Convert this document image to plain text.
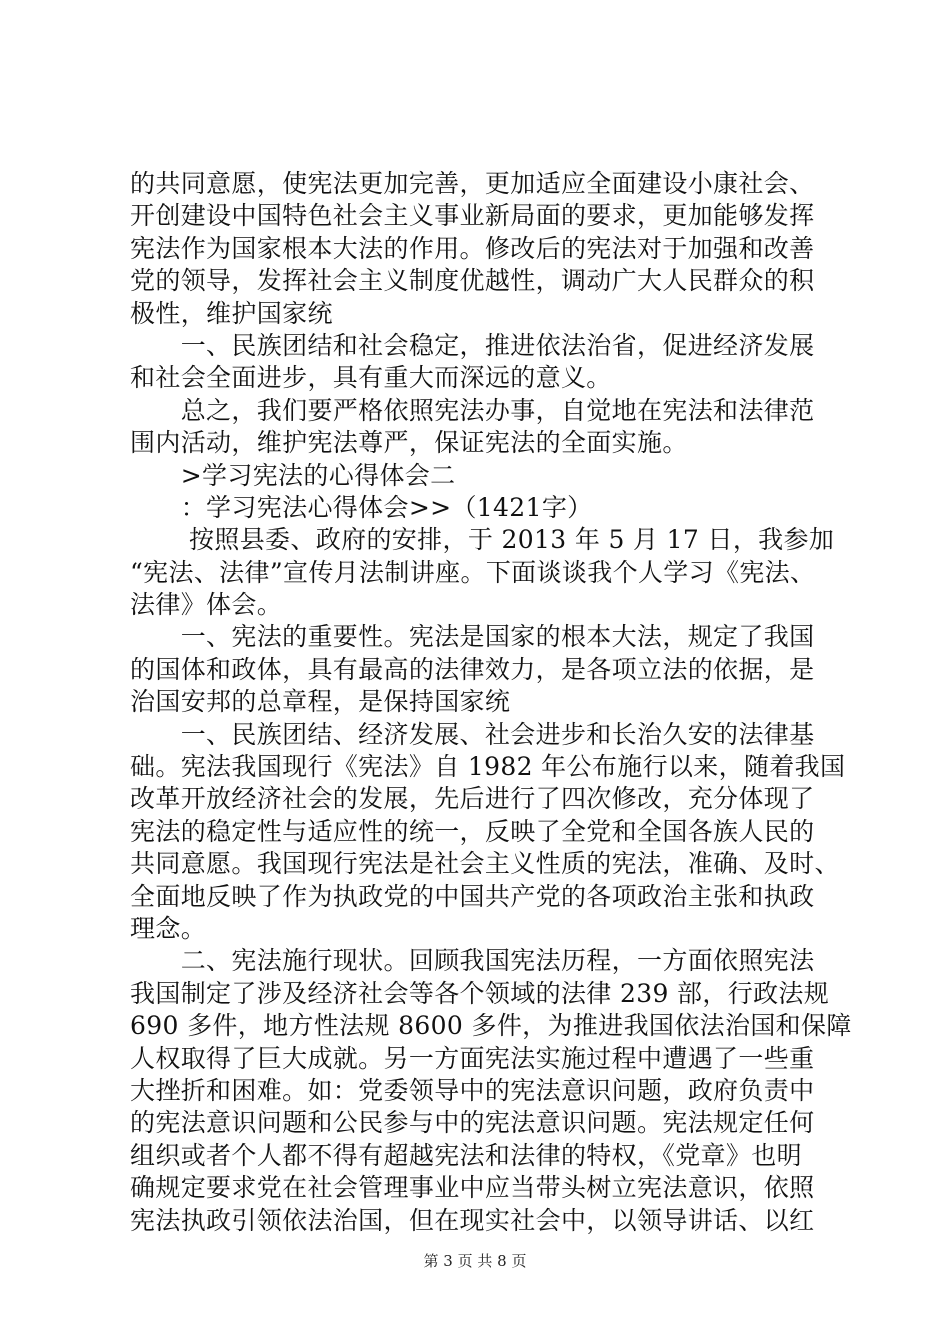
的共同意愿，使宪法更加完善，更加适应全面建设小康社会、
开创建设中国特色社会主义事业新局面的要求，更加能够发挥
宪法作为国家根本大法的作用。修改后的宪法对于加强和改善
党的领导，发挥社会主义制度优越性，调动广大人民群众的积
极性，维护国家统
　　一、民族团结和社会稳定，推进依法治省，促进经济发展
和社会全面进步，具有重大而深远的意义。
　　总之，我们要严格依照宪法办事，自觉地在宪法和法律范
围内活动，维护宪法尊严，保证宪法的全面实施。
　　>学习宪法的心得体会二
　　：学习宪法心得体会>>（1421字）
　　 按照县委、政府的安排，于 2013 年 5 月 17 日，我参加
“宪法、法律”宣传月法制讲座。下面谈谈我个人学习《宪法、
法律》体会。
　　一、宪法的重要性。宪法是国家的根本大法，规定了我国
的国体和政体，具有最高的法律效力，是各项立法的依据，是
治国安邦的总章程，是保持国家统
　　一、民族团结、经济发展、社会进步和长治久安的法律基
础。宪法我国现行《宪法》自 1982 年公布施行以来，随着我国
改革开放经济社会的发展，先后进行了四次修改，充分体现了
宪法的稳定性与适应性的统一，反映了全党和全国各族人民的
共同意愿。我国现行宪法是社会主义性质的宪法，准确、及时、
全面地反映了作为执政党的中国共产党的各项政治主张和执政
理念。
　　二、宪法施行现状。回顾我国宪法历程，一方面依照宪法
我国制定了涉及经济社会等各个领域的法律 239 部，行政法规
690 多件，地方性法规 8600 多件，为推进我国依法治国和保障
人权取得了巨大成就。另一方面宪法实施过程中遭遇了一些重
大挫折和困难。如：党委领导中的宪法意识问题，政府负责中
的宪法意识问题和公民参与中的宪法意识问题。宪法规定任何
组织或者个人都不得有超越宪法和法律的特权，《党章》也明
确规定要求党在社会管理事业中应当带头树立宪法意识，依照
宪法执政引领依法治国，但在现实社会中，以领导讲话、以红
第 3 页 共 8 页
